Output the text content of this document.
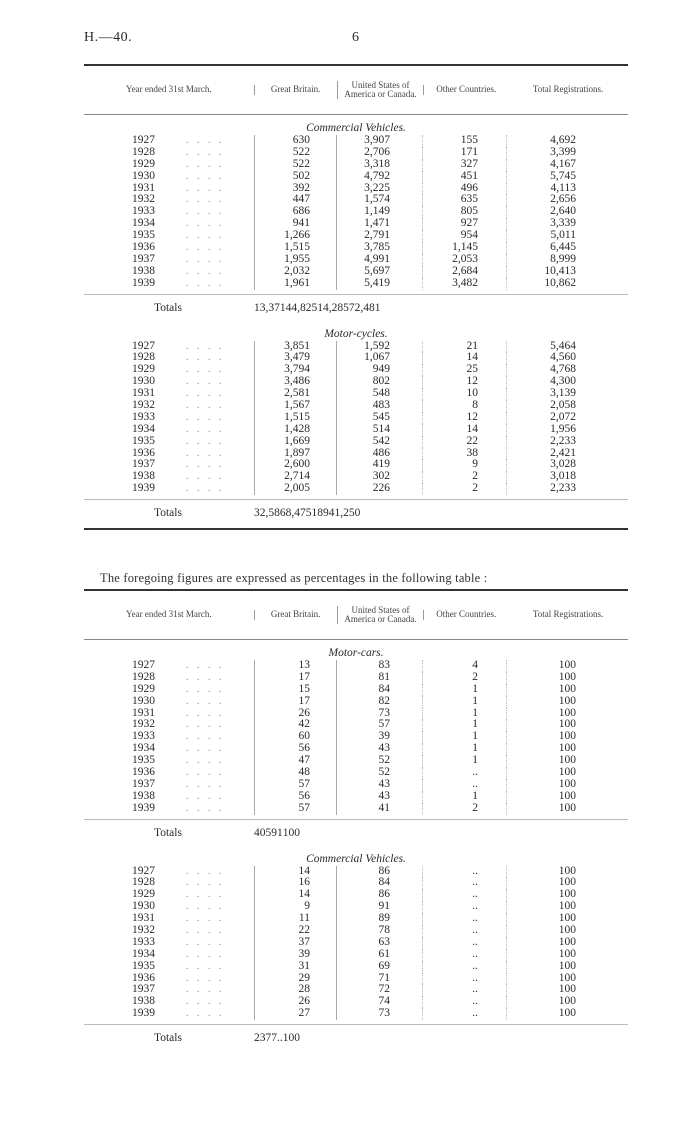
H.—40.	6
Year ended 31st March.	Great Britain.	United States of America or Canada.	Other Countries.	Total Registrations.
Commercial Vehicles.
1927	. . . .	630	3,907	155	4,692
1928	. . . .	522	2,706	171	3,399
1929	. . . .	522	3,318	327	4,167
1930	. . . .	502	4,792	451	5,745
1931	. . . .	392	3,225	496	4,113
1932	. . . .	447	1,574	635	2,656
1933	. . . .	686	1,149	805	2,640
1934	. . . .	941	1,471	927	3,339
1935	. . . .	1,266	2,791	954	5,011
1936	. . . .	1,515	3,785	1,145	6,445
1937	. . . .	1,955	4,991	2,053	8,999
1938	. . . .	2,032	5,697	2,684	10,413
1939	. . . .	1,961	5,419	3,482	10,862
Totals	13,371 44,825 14,285 72,481
Motor-cycles.
1927	. . . .	3,851	1,592	21	5,464
1928	. . . .	3,479	1,067	14	4,560
1929	. . . .	3,794	949	25	4,768
1930	. . . .	3,486	802	12	4,300
1931	. . . .	2,581	548	10	3,139
1932	. . . .	1,567	483	8	2,058
1933	. . . .	1,515	545	12	2,072
1934	. . . .	1,428	514	14	1,956
1935	. . . .	1,669	542	22	2,233
1936	. . . .	1,897	486	38	2,421
1937	. . . .	2,600	419	9	3,028
1938	. . . .	2,714	302	2	3,018
1939	. . . .	2,005	226	2	2,233
Totals	32,586 8,475 189 41,250
The foregoing figures are expressed as percentages in the following table :
Year ended 31st March.	Great Britain.	United States of America or Canada.	Other Countries.	Total Registrations.
Motor-cars.
1927	. . . .	13	83	4	100
1928	. . . .	17	81	2	100
1929	. . . .	15	84	1	100
1930	. . . .	17	82	1	100
1931	. . . .	26	73	1	100
1932	. . . .	42	57	1	100
1933	. . . .	60	39	1	100
1934	. . . .	56	43	1	100
1935	. . . .	47	52	1	100
1936	. . . .	48	52	..	100
1937	. . . .	57	43	..	100
1938	. . . .	56	43	1	100
1939	. . . .	57	41	2	100
Totals	40 59 1 100
Commercial Vehicles.
1927	. . . .	14	86	..	100
1928	. . . .	16	84	..	100
1929	. . . .	14	86	..	100
1930	. . . .	9	91	..	100
1931	. . . .	11	89	..	100
1932	. . . .	22	78	..	100
1933	. . . .	37	63	..	100
1934	. . . .	39	61	..	100
1935	. . . .	31	69	..	100
1936	. . . .	29	71	..	100
1937	. . . .	28	72	..	100
1938	. . . .	26	74	..	100
1939	. . . .	27	73	..	100
Totals	23 77 .. 100
